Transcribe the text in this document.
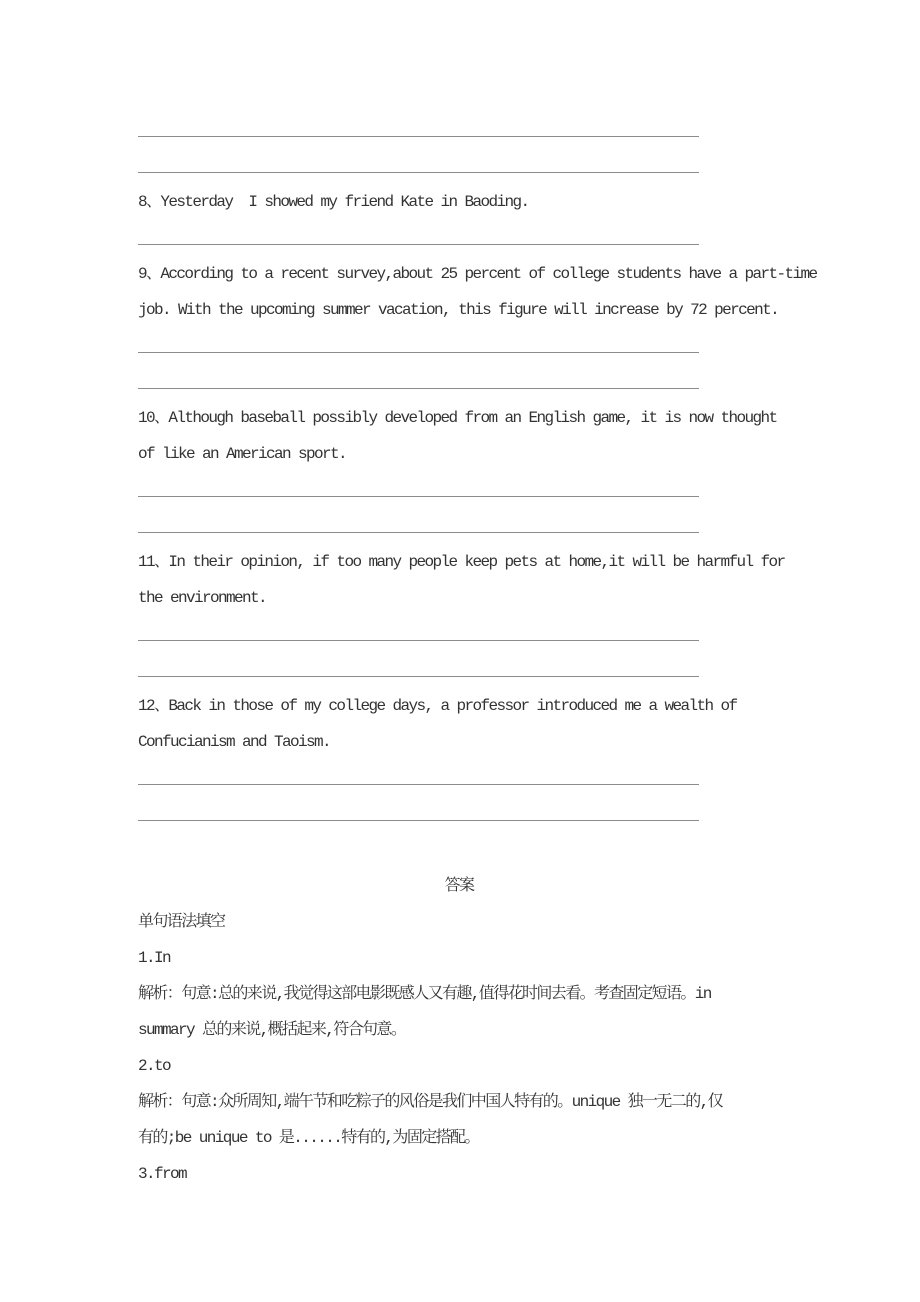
8、Yesterday  I showed my friend Kate in Baoding.
9、According to a recent survey,about 25 percent of college students have a part-time
job. With the upcoming summer vacation, this figure will increase by 72 percent.
10、Although baseball possibly developed from an English game, it is now thought
of like an American sport.
11、In their opinion, if too many people keep pets at home,it will be harmful for
the environment.
12、Back in those of my college days, a professor introduced me a wealth of
Confucianism and Taoism.
答案
单句语法填空
1.In
解析：句意:总的来说,我觉得这部电影既感人又有趣,值得花时间去看。考查固定短语。in
summary 总的来说,概括起来,符合句意。
2.to
解析：句意:众所周知,端午节和吃粽子的风俗是我们中国人特有的。unique 独一无二的,仅
有的;be unique to 是......特有的,为固定搭配。
3.from
